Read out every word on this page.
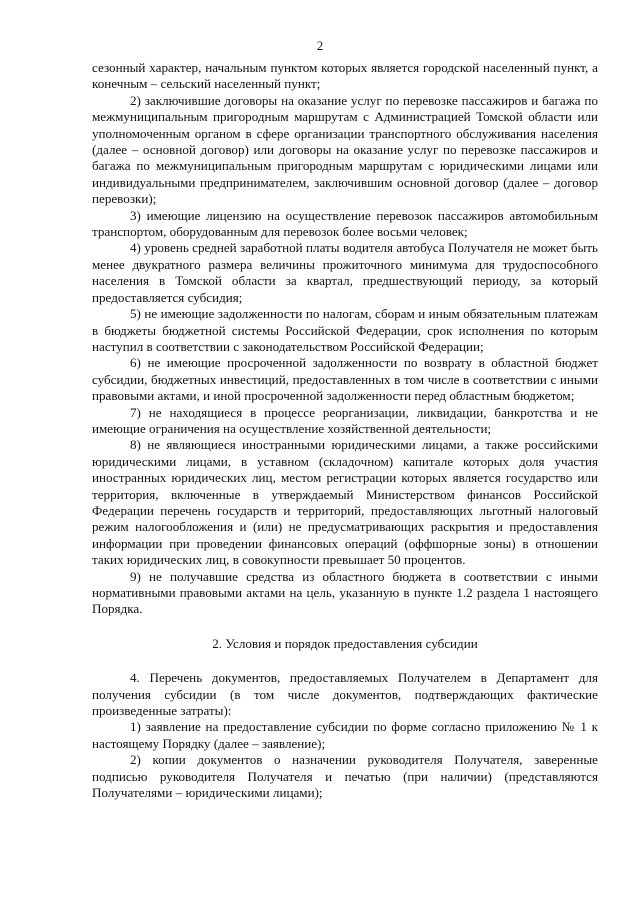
2

сезонный характер, начальным пунктом которых является городской населенный пункт, а конечным – сельский населенный пункт;

2) заключившие договоры на оказание услуг по перевозке пассажиров и багажа по межмуниципальным пригородным маршрутам с Администрацией Томской области или уполномоченным органом в сфере организации транспортного обслуживания населения (далее – основной договор) или договоры на оказание услуг по перевозке пассажиров и багажа по межмуниципальным пригородным маршрутам с юридическими лицами или индивидуальными предпринимателем, заключившим основной договор (далее – договор перевозки);

3) имеющие лицензию на осуществление перевозок пассажиров автомобильным транспортом, оборудованным для перевозок более восьми человек;

4) уровень средней заработной платы водителя автобуса Получателя не может быть менее двукратного размера величины прожиточного минимума для трудоспособного населения в Томской области за квартал, предшествующий периоду, за который предоставляется субсидия;

5) не имеющие задолженности по налогам, сборам и иным обязательным платежам в бюджеты бюджетной системы Российской Федерации, срок исполнения по которым наступил в соответствии с законодательством Российской Федерации;

6) не имеющие просроченной задолженности по возврату в областной бюджет субсидии, бюджетных инвестиций, предоставленных в том числе в соответствии с иными правовыми актами, и иной просроченной задолженности перед областным бюджетом;

7) не находящиеся в процессе реорганизации, ликвидации, банкротства и не имеющие ограничения на осуществление хозяйственной деятельности;

8) не являющиеся иностранными юридическими лицами, а также российскими юридическими лицами, в уставном (складочном) капитале которых доля участия иностранных юридических лиц, местом регистрации которых является государство или территория, включенные в утверждаемый Министерством финансов Российской Федерации перечень государств и территорий, предоставляющих льготный налоговый режим налогообложения и (или) не предусматривающих раскрытия и предоставления информации при проведении финансовых операций (оффшорные зоны) в отношении таких юридических лиц, в совокупности превышает 50 процентов.

9) не получавшие средства из областного бюджета в соответствии с иными нормативными правовыми актами на цель, указанную в пункте 1.2 раздела 1 настоящего Порядка.

2. Условия и порядок предоставления субсидии

4. Перечень документов, предоставляемых Получателем в Департамент для получения субсидии (в том числе документов, подтверждающих фактические произведенные затраты):

1) заявление на предоставление субсидии по форме согласно приложению № 1 к настоящему Порядку (далее – заявление);

2) копии документов о назначении руководителя Получателя, заверенные подписью руководителя Получателя и печатью (при наличии) (представляются Получателями – юридическими лицами);
